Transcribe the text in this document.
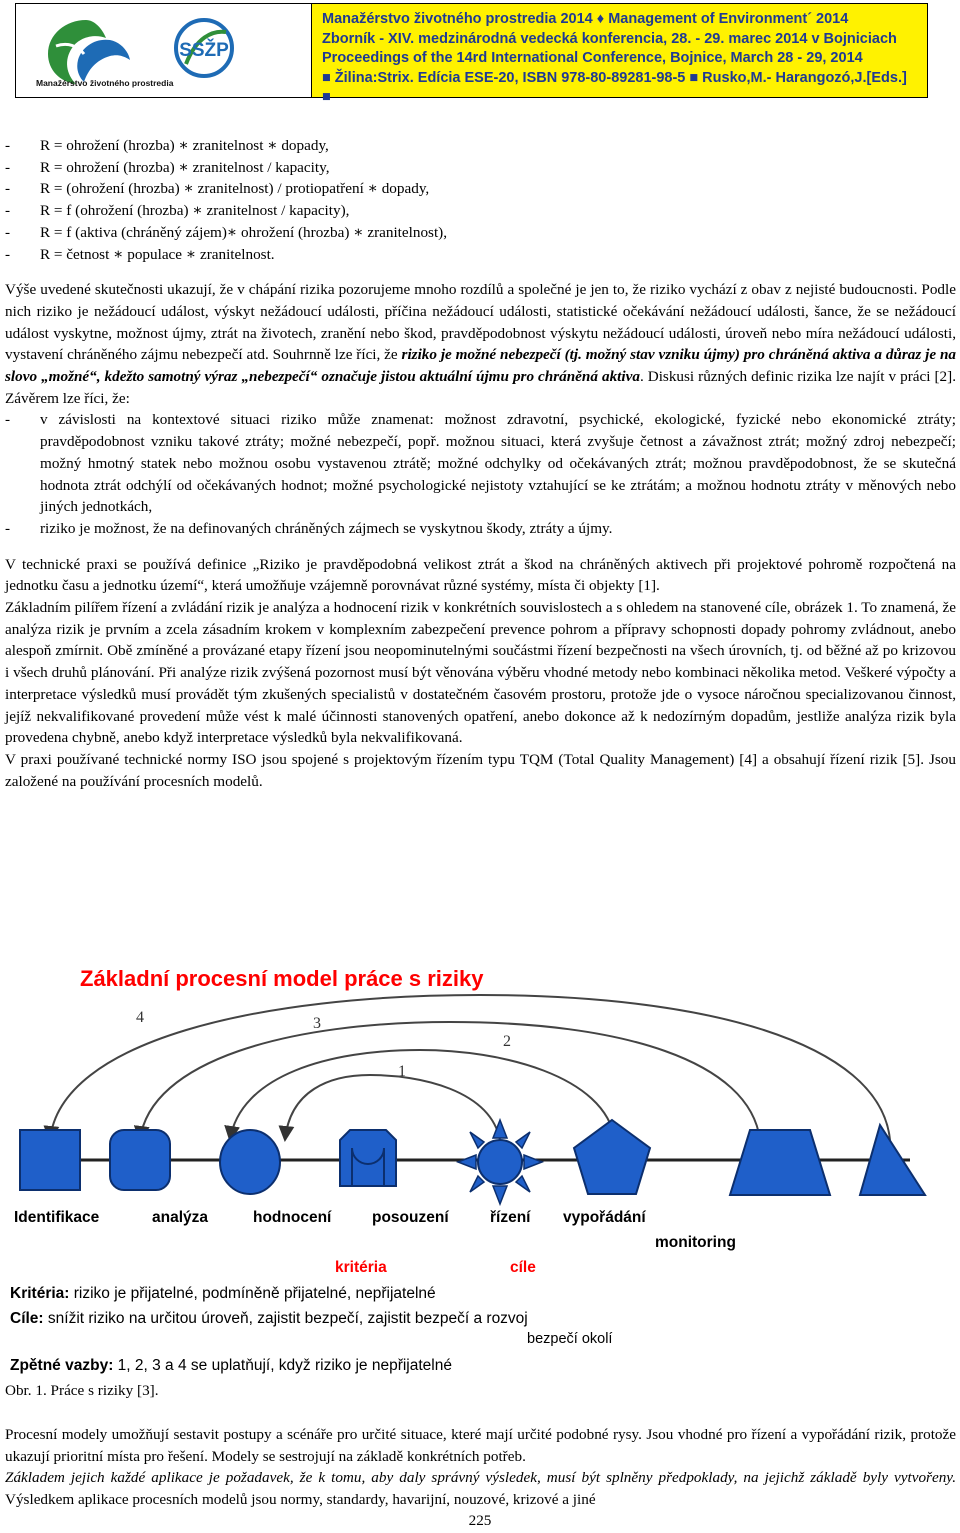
SSŽP
Manažérstvo životného prostredia
Manažérstvo životného prostredia 2014 ♦ Management of Environment´ 2014
Zborník - XIV. medzinárodná vedecká konferencia, 28. - 29. marec 2014 v Bojniciach
Proceedings of the 14rd International Conference, Bojnice, March 28 - 29, 2014
■ Žilina:Strix. Edícia ESE-20, ISBN 978-80-89281-98-5 ■ Rusko,M.- Harangozó,J.[Eds.] ■
-	R = ohrožení (hrozba) ∗ zranitelnost ∗ dopady,
-	R = ohrožení (hrozba) ∗ zranitelnost / kapacity,
-	R = (ohrožení (hrozba) ∗ zranitelnost) / protiopatření ∗ dopady,
-	R = f (ohrožení (hrozba) ∗ zranitelnost / kapacity),
-	R = f (aktiva (chráněný zájem)∗ ohrožení (hrozba) ∗ zranitelnost),
-	R = četnost ∗ populace ∗ zranitelnost.

Výše uvedené skutečnosti ukazují, že v chápání rizika pozorujeme mnoho rozdílů a společné je jen to, že riziko vychází z obav z nejisté budoucnosti. Podle nich riziko je nežádoucí událost, výskyt nežádoucí události, příčina nežádoucí události, statistické očekávání nežádoucí události, šance, že se nežádoucí událost vyskytne, možnost újmy, ztrát na životech, zranění nebo škod, pravděpodobnost výskytu nežádoucí události, úroveň nebo míra nežádoucí události, vystavení chráněného zájmu nebezpečí atd. Souhrnně lze říci, že riziko je možné nebezpečí (tj. možný stav vzniku újmy) pro chráněná aktiva a důraz je na slovo „možné“, kdežto samotný výraz „nebezpečí“ označuje jistou aktuální újmu pro chráněná aktiva. Diskusi různých definic rizika lze najít v práci [2]. Závěrem lze říci, že:

-	v závislosti na kontextové situaci riziko může znamenat: možnost zdravotní, psychické, ekologické, fyzické nebo ekonomické ztráty; pravděpodobnost vzniku takové ztráty; možné nebezpečí, popř. možnou situaci, která zvyšuje četnost a závažnost ztrát; možný zdroj nebezpečí; možný hmotný statek nebo možnou osobu vystavenou ztrátě; možné odchylky od očekávaných ztrát; možnou pravděpodobnost, že se skutečná hodnota ztrát odchýlí od očekávaných hodnot; možné psychologické nejistoty vztahující se ke ztrátám; a možnou hodnotu ztráty v měnových nebo jiných jednotkách,
-	riziko je možnost, že na definovaných chráněných zájmech se vyskytnou škody, ztráty a újmy.

V technické praxi se používá definice „Riziko je pravděpodobná velikost ztrát a škod na chráněných aktivech při projektové pohromě rozpočtená na jednotku času a jednotku území“, která umožňuje vzájemně porovnávat různé systémy, místa či objekty [1].

Základním pilířem řízení a zvládání rizik je analýza a hodnocení rizik v konkrétních souvislostech a s ohledem na stanovené cíle, obrázek 1. To znamená, že analýza rizik je prvním a zcela zásadním krokem v komplexním zabezpečení prevence pohrom a přípravy schopnosti dopady pohromy zvládnout, anebo alespoň zmírnit. Obě zmíněné a provázané etapy řízení jsou neopominutelnými součástmi řízení bezpečnosti na všech úrovních, tj. od běžné až po krizovou i všech druhů plánování. Při analýze rizik zvýšená pozornost musí být věnována výběru vhodné metody nebo kombinaci několika metod. Veškeré výpočty a interpretace výsledků musí provádět tým zkušených specialistů v dostatečném časovém prostoru, protože jde o vysoce náročnou specializovanou činnost, jejíž nekvalifikované provedení může vést k malé účinnosti stanovených opatření, anebo dokonce až k nedozírným dopadům, jestliže analýza rizik byla provedena chybně, anebo když interpretace výsledků byla nekvalifikovaná.

V praxi používané technické normy ISO jsou spojené s projektovým řízením typu TQM (Total Quality Management) [4] a obsahují řízení rizik [5]. Jsou založené na používání procesních modelů.

Základní procesní model práce s riziky
4	3
2
1
Identifikace	analýza	hodnocení	posouzení	řízení vypořádání
monitoring
kritéria	cíle
Kritéria: riziko je přijatelné, podmíněně přijatelné, nepřijatelné
Cíle: snížit riziko na určitou úroveň, zajistit bezpečí, zajistit bezpečí a rozvoj
bezpečí okolí
Zpětné vazby: 1, 2, 3 a 4 se uplatňují, když riziko je nepřijatelné
Obr. 1. Práce s riziky [3].

Procesní modely umožňují sestavit postupy a scénáře pro určité situace, které mají určité podobné rysy. Jsou vhodné pro řízení a vypořádání rizik, protože ukazují prioritní místa pro řešení. Modely se sestrojují na základě konkrétních potřeb.

Základem jejich každé aplikace je požadavek, že k tomu, aby daly správný výsledek, musí být splněny předpoklady, na jejichž základě byly vytvořeny. Výsledkem aplikace procesních modelů jsou normy, standardy, havarijní, nouzové, krizové a jiné

225
